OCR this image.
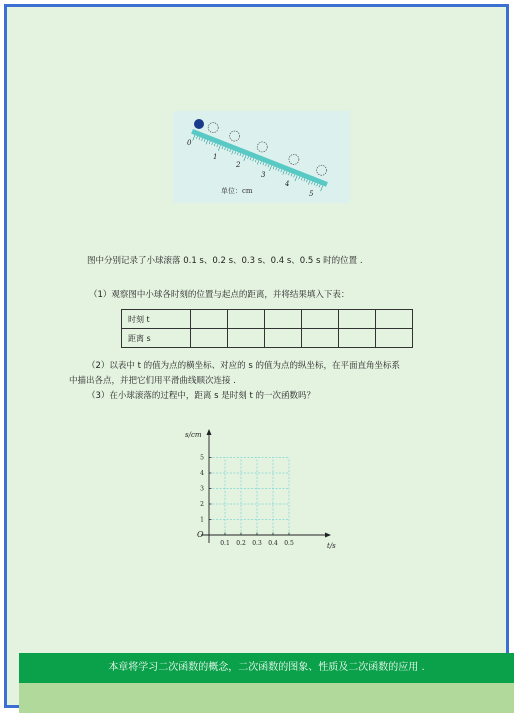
0
1
2
3
4
5
单位：cm
图中分别记录了小球滚落 0.1 s、0.2 s、0.3 s、0.4 s、0.5 s 时的位置 .
（1）观察图中小球各时刻的位置与起点的距离，并将结果填入下表：
时刻 t						
距离 s						
（2）以表中 t 的值为点的横坐标、对应的 s 的值为点的纵坐标，在平面直角坐标系
中描出各点，并把它们用平滑曲线顺次连接 .
（3）在小球滚落的过程中，距离 s 是时刻 t 的一次函数吗？
0.1 0.2 0.3 0.4 0.5
1
2
3
4
5
O
t/s
s/cm
本章将学习二次函数的概念，二次函数的图象、性质及二次函数的应用 .
